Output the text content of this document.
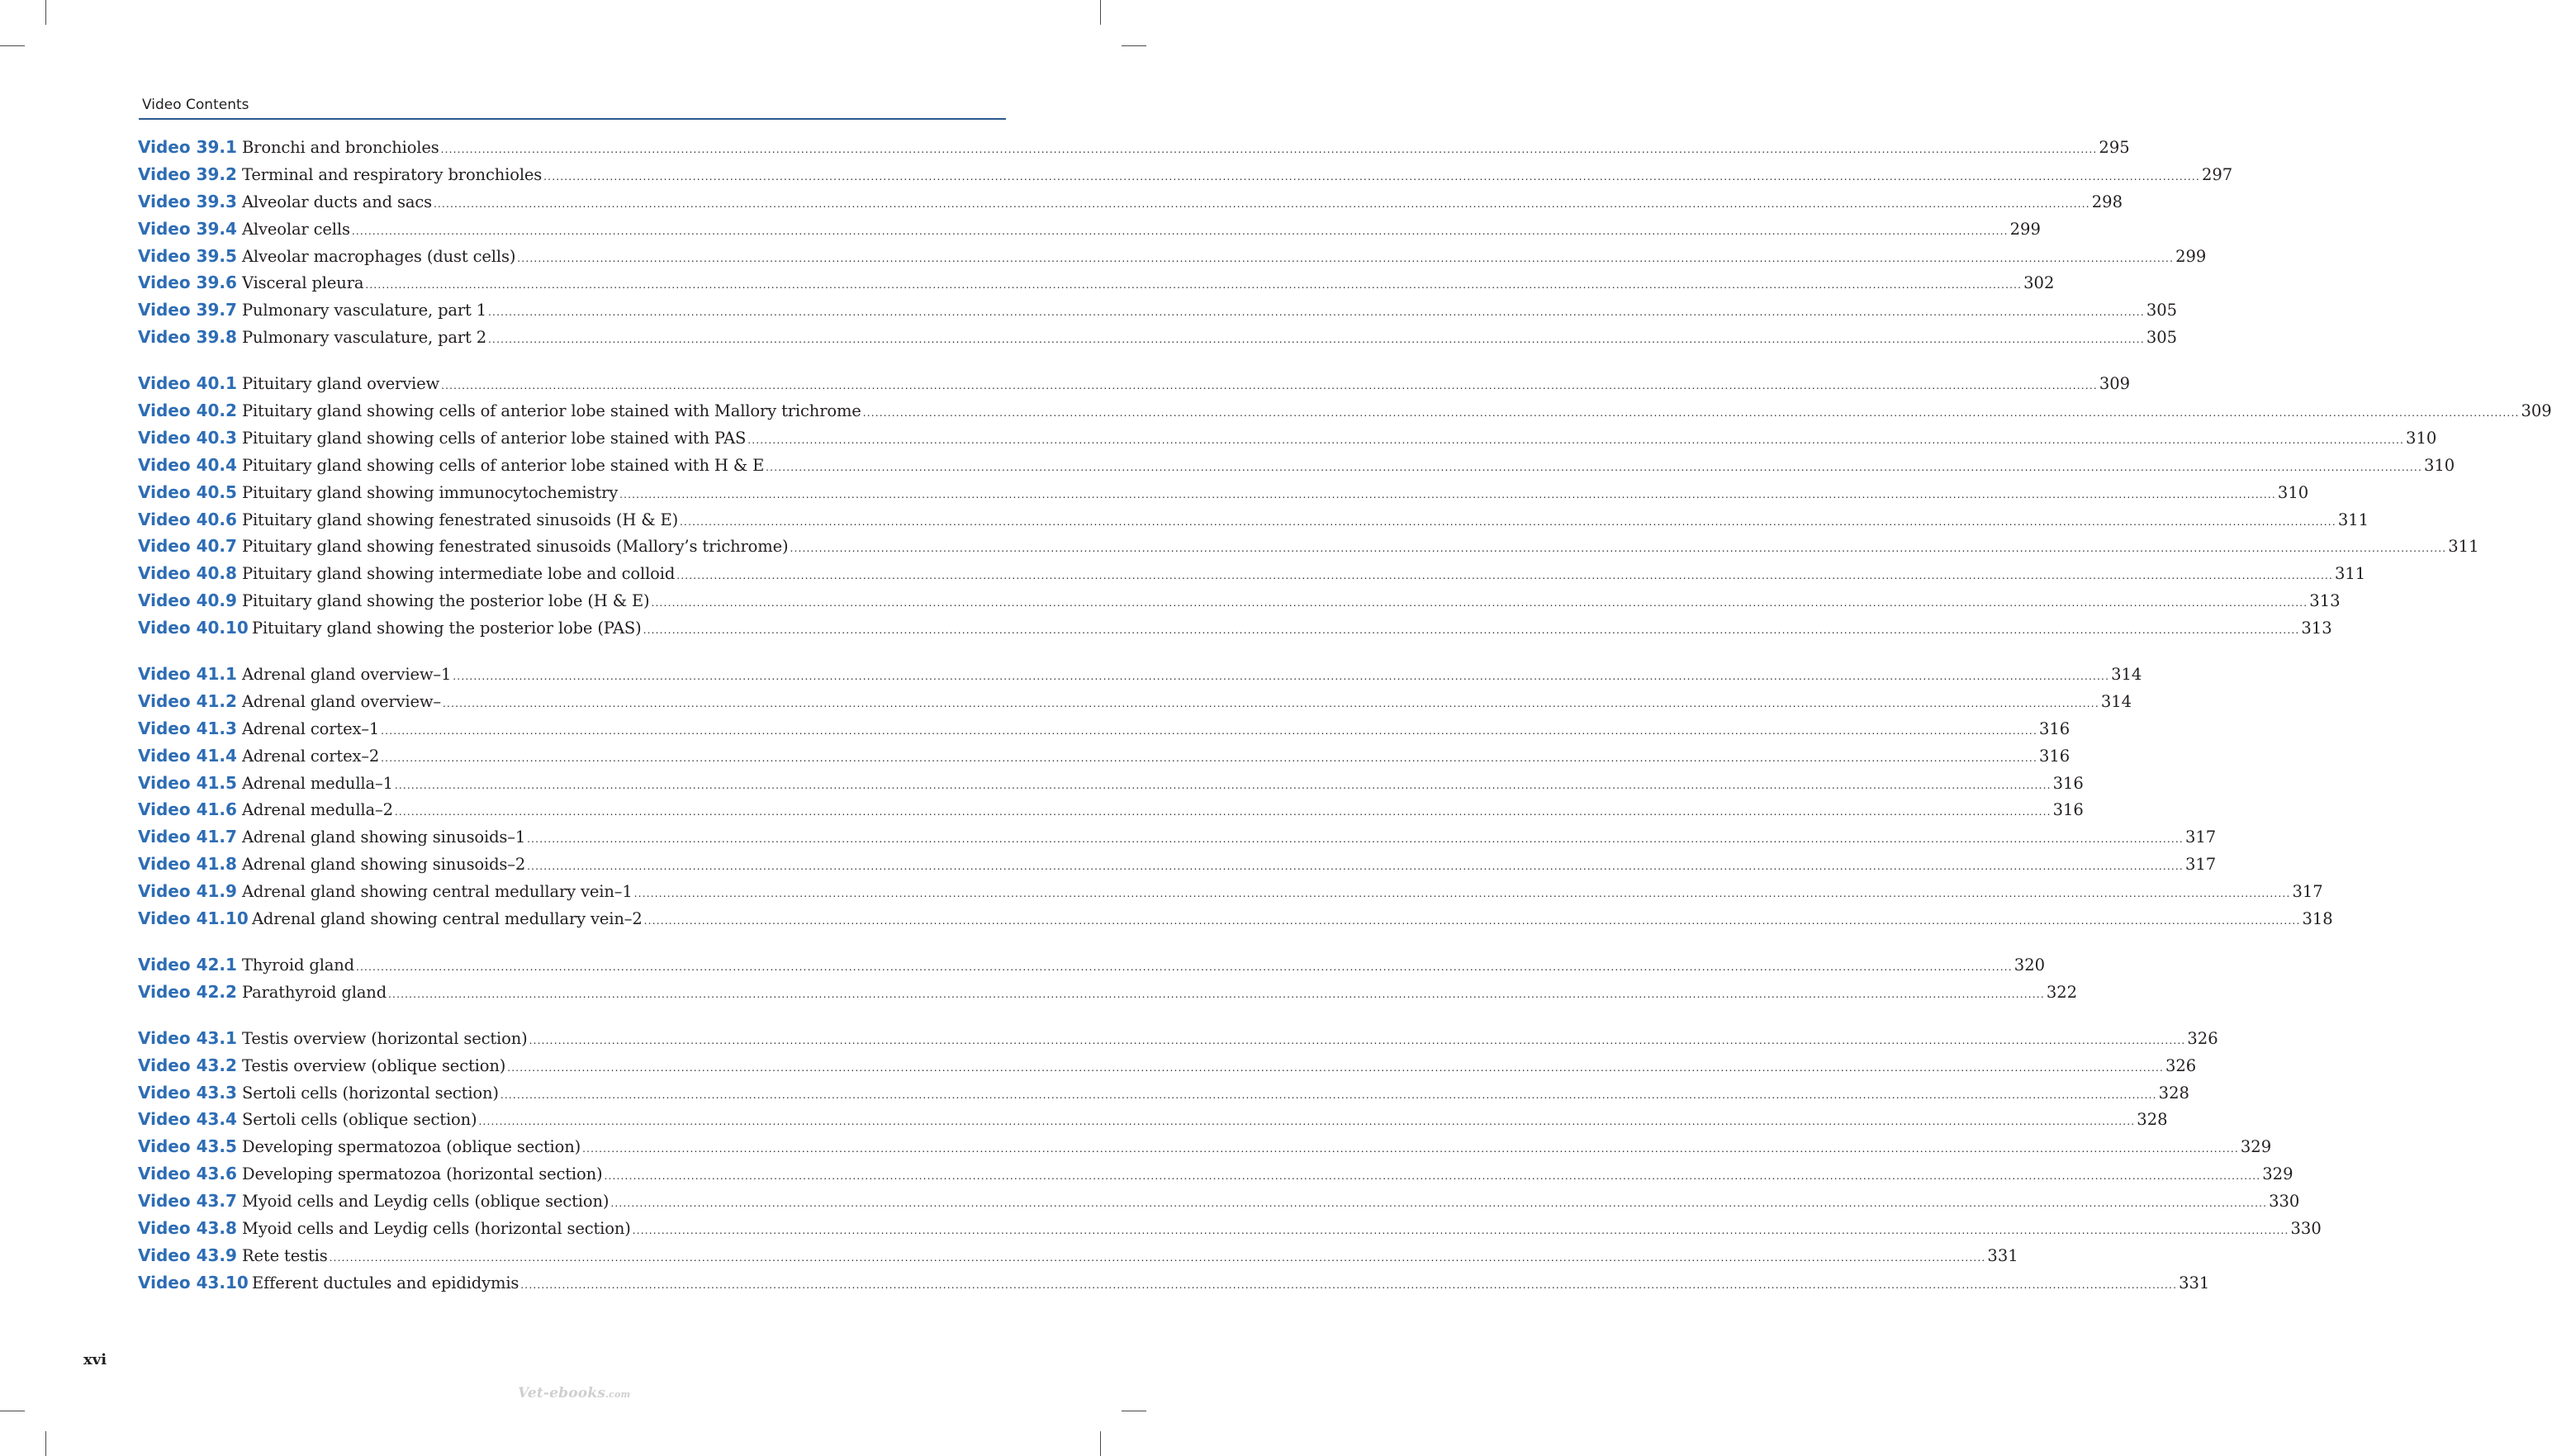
Video Contents
Video 39.1 Bronchi and bronchioles ................................................................................................................................................................................................................................................................................................................................................................................................................ 295
Video 39.2 Terminal and respiratory bronchioles ................................................................................................................................................................................................................................................................................................................................................................................................................ 297
Video 39.3 Alveolar ducts and sacs ................................................................................................................................................................................................................................................................................................................................................................................................................ 298
Video 39.4 Alveolar cells ................................................................................................................................................................................................................................................................................................................................................................................................................ 299
Video 39.5 Alveolar macrophages (dust cells) ................................................................................................................................................................................................................................................................................................................................................................................................................ 299
Video 39.6 Visceral pleura ................................................................................................................................................................................................................................................................................................................................................................................................................ 302
Video 39.7 Pulmonary vasculature, part 1 ................................................................................................................................................................................................................................................................................................................................................................................................................ 305
Video 39.8 Pulmonary vasculature, part 2 ................................................................................................................................................................................................................................................................................................................................................................................................................ 305
Video 40.1 Pituitary gland overview ................................................................................................................................................................................................................................................................................................................................................................................................................ 309
Video 40.2 Pituitary gland showing cells of anterior lobe stained with Mallory trichrome ................................................................................................................................................................................................................................................................................................................................................................................................................ 309
Video 40.3 Pituitary gland showing cells of anterior lobe stained with PAS ................................................................................................................................................................................................................................................................................................................................................................................................................ 310
Video 40.4 Pituitary gland showing cells of anterior lobe stained with H & E ................................................................................................................................................................................................................................................................................................................................................................................................................ 310
Video 40.5 Pituitary gland showing immunocytochemistry ................................................................................................................................................................................................................................................................................................................................................................................................................ 310
Video 40.6 Pituitary gland showing fenestrated sinusoids (H & E) ................................................................................................................................................................................................................................................................................................................................................................................................................ 311
Video 40.7 Pituitary gland showing fenestrated sinusoids (Mallory’s trichrome) ................................................................................................................................................................................................................................................................................................................................................................................................................ 311
Video 40.8 Pituitary gland showing intermediate lobe and colloid ................................................................................................................................................................................................................................................................................................................................................................................................................ 311
Video 40.9 Pituitary gland showing the posterior lobe (H & E) ................................................................................................................................................................................................................................................................................................................................................................................................................ 313
Video 40.10 Pituitary gland showing the posterior lobe (PAS) ................................................................................................................................................................................................................................................................................................................................................................................................................ 313
Video 41.1 Adrenal gland overview–1 ................................................................................................................................................................................................................................................................................................................................................................................................................ 314
Video 41.2 Adrenal gland overview– ................................................................................................................................................................................................................................................................................................................................................................................................................ 314
Video 41.3 Adrenal cortex–1 ................................................................................................................................................................................................................................................................................................................................................................................................................ 316
Video 41.4 Adrenal cortex–2 ................................................................................................................................................................................................................................................................................................................................................................................................................ 316
Video 41.5 Adrenal medulla–1 ................................................................................................................................................................................................................................................................................................................................................................................................................ 316
Video 41.6 Adrenal medulla–2 ................................................................................................................................................................................................................................................................................................................................................................................................................ 316
Video 41.7 Adrenal gland showing sinusoids–1 ................................................................................................................................................................................................................................................................................................................................................................................................................ 317
Video 41.8 Adrenal gland showing sinusoids–2 ................................................................................................................................................................................................................................................................................................................................................................................................................ 317
Video 41.9 Adrenal gland showing central medullary vein–1 ................................................................................................................................................................................................................................................................................................................................................................................................................ 317
Video 41.10 Adrenal gland showing central medullary vein–2 ................................................................................................................................................................................................................................................................................................................................................................................................................ 318
Video 42.1 Thyroid gland ................................................................................................................................................................................................................................................................................................................................................................................................................ 320
Video 42.2 Parathyroid gland ................................................................................................................................................................................................................................................................................................................................................................................................................ 322
Video 43.1 Testis overview (horizontal section) ................................................................................................................................................................................................................................................................................................................................................................................................................ 326
Video 43.2 Testis overview (oblique section) ................................................................................................................................................................................................................................................................................................................................................................................................................ 326
Video 43.3 Sertoli cells (horizontal section) ................................................................................................................................................................................................................................................................................................................................................................................................................ 328
Video 43.4 Sertoli cells (oblique section) ................................................................................................................................................................................................................................................................................................................................................................................................................ 328
Video 43.5 Developing spermatozoa (oblique section) ................................................................................................................................................................................................................................................................................................................................................................................................................ 329
Video 43.6 Developing spermatozoa (horizontal section) ................................................................................................................................................................................................................................................................................................................................................................................................................ 329
Video 43.7 Myoid cells and Leydig cells (oblique section) ................................................................................................................................................................................................................................................................................................................................................................................................................ 330
Video 43.8 Myoid cells and Leydig cells (horizontal section) ................................................................................................................................................................................................................................................................................................................................................................................................................ 330
Video 43.9 Rete testis ................................................................................................................................................................................................................................................................................................................................................................................................................ 331
Video 43.10 Efferent ductules and epididymis ................................................................................................................................................................................................................................................................................................................................................................................................................ 331
xvi
Vet-ebooks.com
